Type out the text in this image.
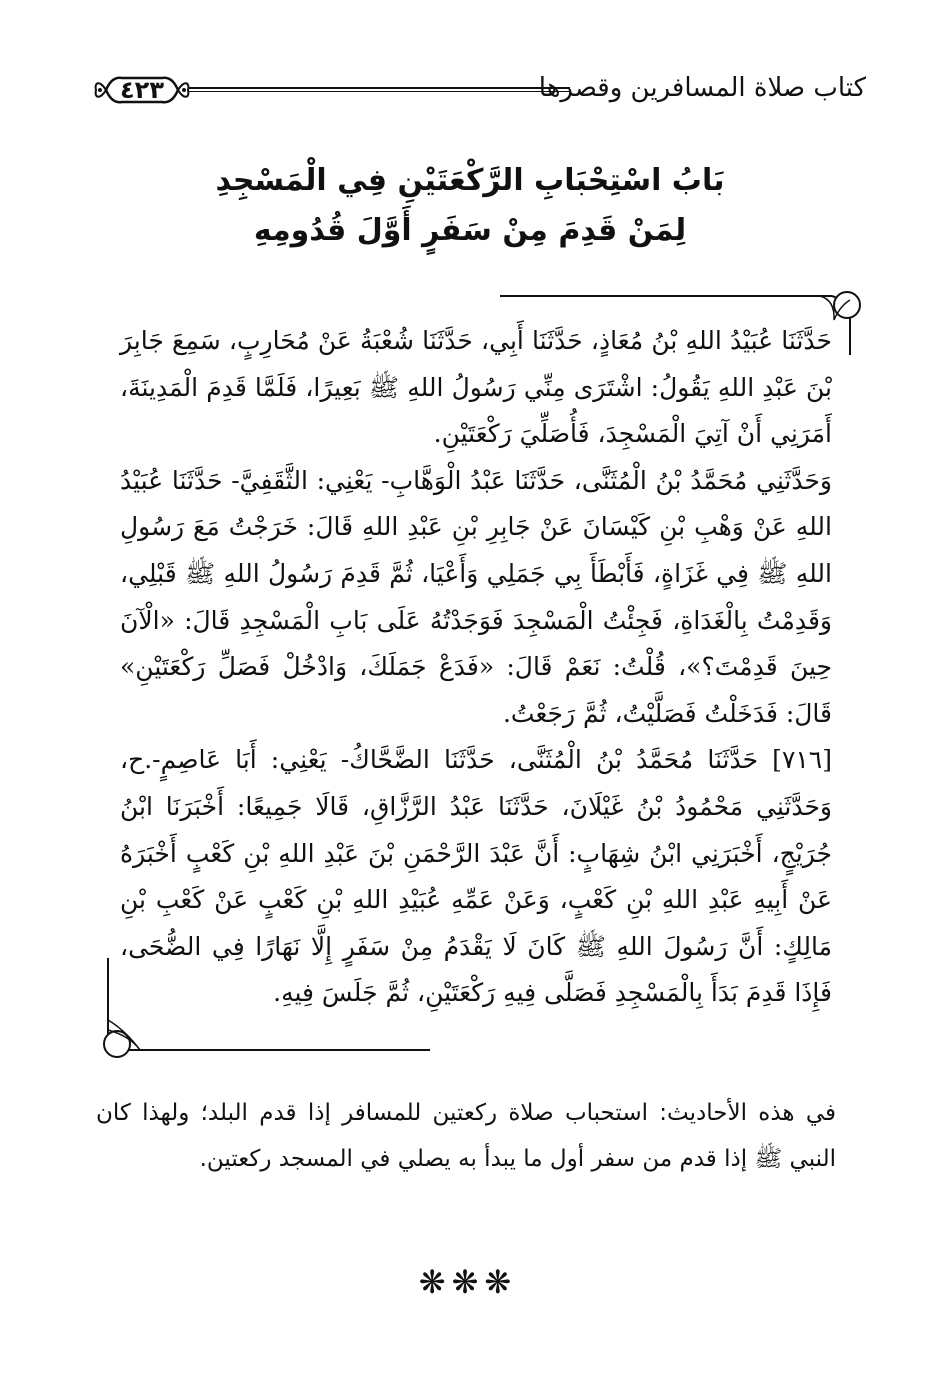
كتاب صلاة المسافرين وقصرها
٤٢٣
بَابُ اسْتِحْبَابِ الرَّكْعَتَيْنِ فِي الْمَسْجِدِ
لِمَنْ قَدِمَ مِنْ سَفَرٍ أَوَّلَ قُدُومِهِ

حَدَّثَنَا عُبَيْدُ اللهِ بْنُ مُعَاذٍ، حَدَّثَنَا أَبِي، حَدَّثَنَا شُعْبَةُ عَنْ مُحَارِبٍ، سَمِعَ جَابِرَ بْنَ عَبْدِ اللهِ يَقُولُ: اشْتَرَى مِنِّي رَسُولُ اللهِ ﷺ بَعِيرًا، فَلَمَّا قَدِمَ الْمَدِينَةَ، أَمَرَنِي أَنْ آتِيَ الْمَسْجِدَ، فَأُصَلِّيَ رَكْعَتَيْنِ.

وَحَدَّثَنِي مُحَمَّدُ بْنُ الْمُثَنَّى، حَدَّثَنَا عَبْدُ الْوَهَّابِ- يَعْنِي: الثَّقَفِيَّ- حَدَّثَنَا عُبَيْدُ اللهِ عَنْ وَهْبِ بْنِ كَيْسَانَ عَنْ جَابِرِ بْنِ عَبْدِ اللهِ قَالَ: خَرَجْتُ مَعَ رَسُولِ اللهِ ﷺ فِي غَزَاةٍ، فَأَبْطَأَ بِي جَمَلِي وَأَعْيَا، ثُمَّ قَدِمَ رَسُولُ اللهِ ﷺ قَبْلِي، وَقَدِمْتُ بِالْغَدَاةِ، فَجِئْتُ الْمَسْجِدَ فَوَجَدْتُهُ عَلَى بَابِ الْمَسْجِدِ قَالَ: «الْآنَ حِينَ قَدِمْتَ؟»، قُلْتُ: نَعَمْ قَالَ: «فَدَعْ جَمَلَكَ، وَادْخُلْ فَصَلِّ رَكْعَتَيْنِ» قَالَ: فَدَخَلْتُ فَصَلَّيْتُ، ثُمَّ رَجَعْتُ.

[٧١٦] حَدَّثَنَا مُحَمَّدُ بْنُ الْمُثَنَّى، حَدَّثَنَا الضَّحَّاكُ- يَعْنِي: أَبَا عَاصِمٍ-.ح، وَحَدَّثَنِي مَحْمُودُ بْنُ غَيْلَانَ، حَدَّثَنَا عَبْدُ الرَّزَّاقِ، قَالَا جَمِيعًا: أَخْبَرَنَا ابْنُ جُرَيْجٍ، أَخْبَرَنِي ابْنُ شِهَابٍ: أَنَّ عَبْدَ الرَّحْمَنِ بْنَ عَبْدِ اللهِ بْنِ كَعْبٍ أَخْبَرَهُ عَنْ أَبِيهِ عَبْدِ اللهِ بْنِ كَعْبٍ، وَعَنْ عَمِّهِ عُبَيْدِ اللهِ بْنِ كَعْبٍ عَنْ كَعْبِ بْنِ مَالِكٍ: أَنَّ رَسُولَ اللهِ ﷺ كَانَ لَا يَقْدَمُ مِنْ سَفَرٍ إِلَّا نَهَارًا فِي الضُّحَى، فَإِذَا قَدِمَ بَدَأَ بِالْمَسْجِدِ فَصَلَّى فِيهِ رَكْعَتَيْنِ، ثُمَّ جَلَسَ فِيهِ.

في هذه الأحاديث: استحباب صلاة ركعتين للمسافر إذا قدم البلد؛ ولهذا كان النبي ﷺ إذا قدم من سفر أول ما يبدأ به يصلي في المسجد ركعتين.

❋❋❋
